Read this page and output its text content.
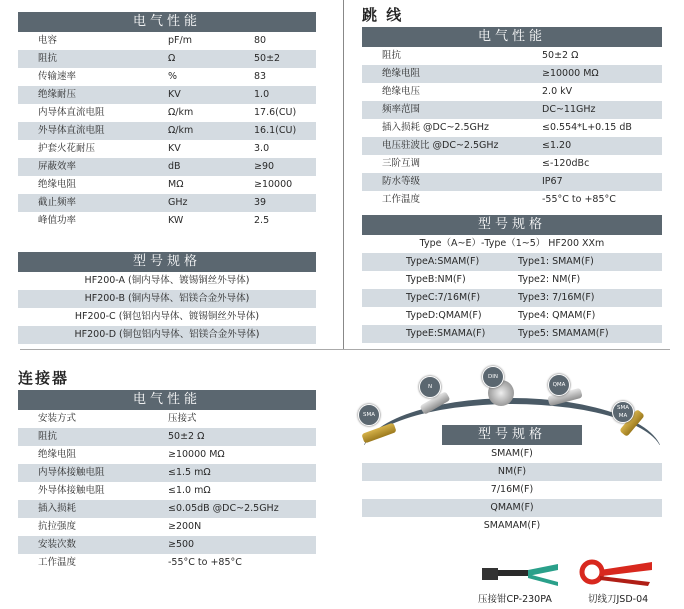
电气性能
电容	pF/m	80
阻抗	Ω	50±2
传输速率	%	83
绝缘耐压	KV	1.0
内导体直流电阻	Ω/km	17.6(CU)
外导体直流电阻	Ω/km	16.1(CU)
护套火花耐压	KV	3.0
屏蔽效率	dB	≥90
绝缘电阻	MΩ	≥10000
截止频率	GHz	39
峰值功率	KW	2.5
型号规格
HF200-A (铜内导体、镀锡铜丝外导体)
HF200-B (铜内导体、铝镁合金外导体)
HF200-C (铜包铝内导体、镀锡铜丝外导体)
HF200-D (铜包铝内导体、铝镁合金外导体)
跳 线
电气性能
阻抗	50±2 Ω
绝缘电阻	≥10000 MΩ
绝缘电压	2.0 kV
频率范围	DC~11GHz
插入损耗 @DC~2.5GHz	≤0.554*L+0.15 dB
电压驻波比 @DC~2.5GHz	≤1.20
三阶互调	≤-120dBc
防水等级	IP67
工作温度	-55°C to +85°C
型号规格
Type（A~E）-Type（1~5） HF200 XXm
TypeA:SMAM(F)	Type1: SMAM(F)
TypeB:NM(F)	Type2: NM(F)
TypeC:7/16M(F)	Type3: 7/16M(F)
TypeD:QMAM(F)	Type4: QMAM(F)
TypeE:SMAMA(F)	Type5: SMAMAM(F)
连接器
电气性能
安装方式	压接式
阻抗	50±2 Ω
绝缘电阻	≥10000 MΩ
内导体接触电阻	≤1.5 mΩ
外导体接触电阻	≤1.0 mΩ
插入损耗	≤0.05dB @DC~2.5GHz
抗拉强度	≥200N
安装次数	≥500
工作温度	-55°C to +85°C
SMA
N
DIN
QMA
SMA MA
型号规格
SMAM(F)
NM(F)
7/16M(F)
QMAM(F)
SMAMAM(F)
压接钳CP-230PA	切线刀JSD-04
